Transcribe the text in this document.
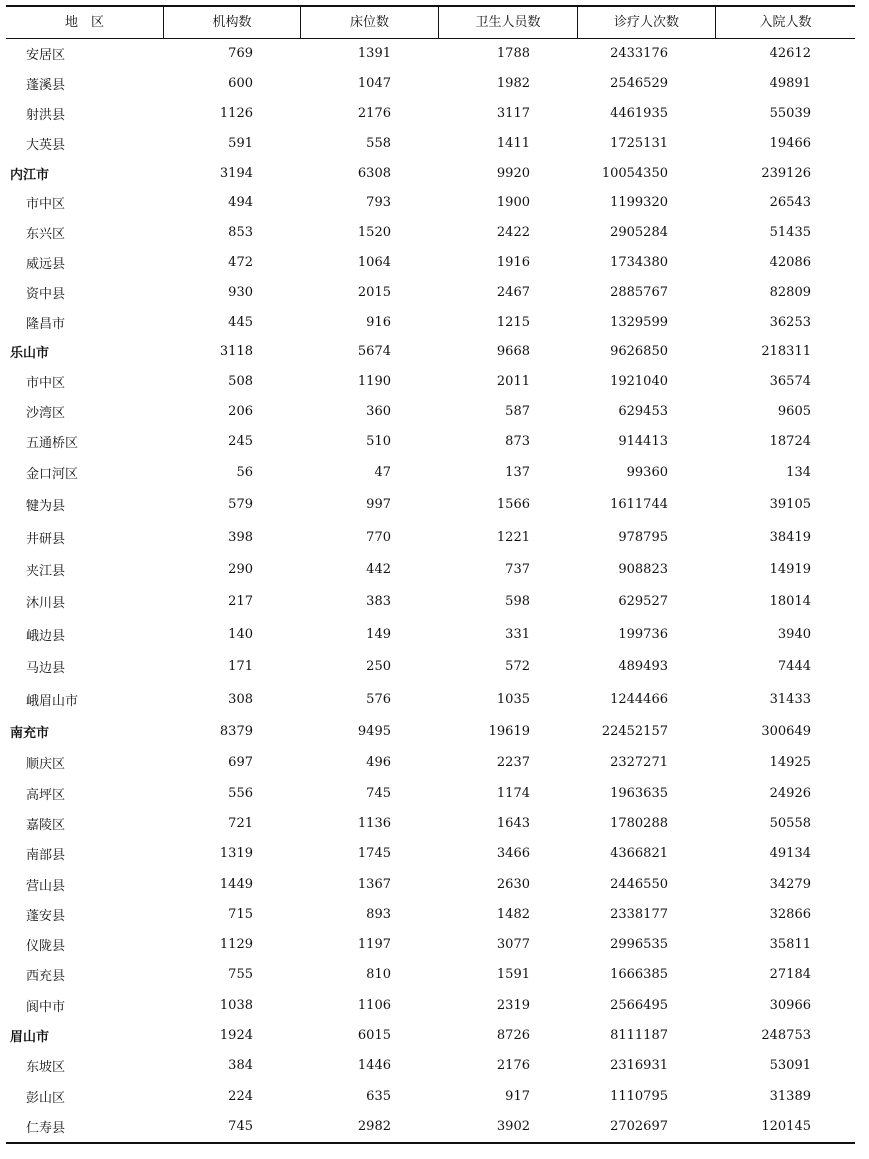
地　区	机构数	床位数	卫生人员数	诊疗人次数	入院人数
安居区	769	1391	1788	2433176	42612
蓬溪县	600	1047	1982	2546529	49891
射洪县	1126	2176	3117	4461935	55039
大英县	591	558	1411	1725131	19466
内江市	3194	6308	9920	10054350	239126
市中区	494	793	1900	1199320	26543
东兴区	853	1520	2422	2905284	51435
威远县	472	1064	1916	1734380	42086
资中县	930	2015	2467	2885767	82809
隆昌市	445	916	1215	1329599	36253
乐山市	3118	5674	9668	9626850	218311
市中区	508	1190	2011	1921040	36574
沙湾区	206	360	587	629453	9605
五通桥区	245	510	873	914413	18724
金口河区	56	47	137	99360	134
犍为县	579	997	1566	1611744	39105
井研县	398	770	1221	978795	38419
夹江县	290	442	737	908823	14919
沐川县	217	383	598	629527	18014
峨边县	140	149	331	199736	3940
马边县	171	250	572	489493	7444
峨眉山市	308	576	1035	1244466	31433
南充市	8379	9495	19619	22452157	300649
顺庆区	697	496	2237	2327271	14925
高坪区	556	745	1174	1963635	24926
嘉陵区	721	1136	1643	1780288	50558
南部县	1319	1745	3466	4366821	49134
营山县	1449	1367	2630	2446550	34279
蓬安县	715	893	1482	2338177	32866
仪陇县	1129	1197	3077	2996535	35811
西充县	755	810	1591	1666385	27184
阆中市	1038	1106	2319	2566495	30966
眉山市	1924	6015	8726	8111187	248753
东坡区	384	1446	2176	2316931	53091
彭山区	224	635	917	1110795	31389
仁寿县	745	2982	3902	2702697	120145
